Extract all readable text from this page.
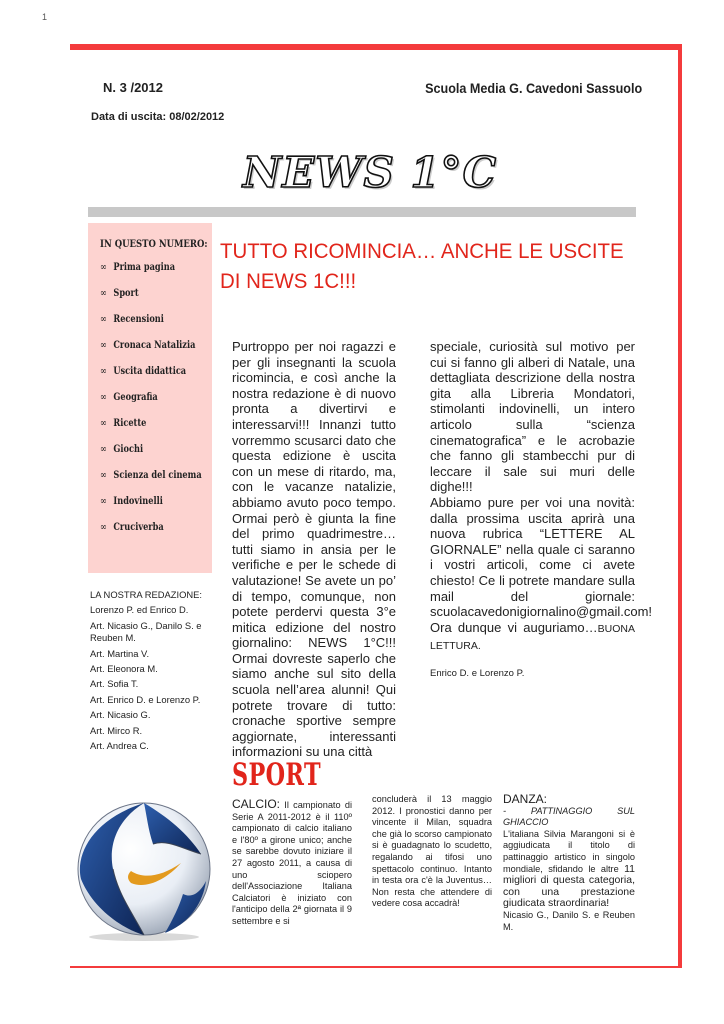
1
N. 3 /2012	Scuola Media G. Cavedoni Sassuolo
Data di uscita: 08/02/2012
NEWS 1°C
IN QUESTO NUMERO:
∞ Prima pagina
∞ Sport
∞ Recensioni
∞ Cronaca Natalizia
∞ Uscita didattica
∞ Geografia
∞ Ricette
∞ Giochi
∞ Scienza del cinema
∞ Indovinelli
∞ Cruciverba
LA NOSTRA REDAZIONE:
Lorenzo P. ed Enrico D.
Art. Nicasio G., Danilo S. e Reuben M.
Art. Martina V.
Art. Eleonora M.
Art. Sofia T.
Art. Enrico D. e Lorenzo P.
Art. Nicasio G.
Art. Mirco R.
Art. Andrea C.
TUTTO RICOMINCIA… ANCHE LE USCITE DI NEWS 1C!!!
Purtroppo per noi ragazzi e per gli insegnanti la scuola ricomincia, e così anche la nostra redazione è di nuovo pronta a divertirvi e interessarvi!!! Innanzi tutto vorremmo scusarci dato che questa edizione è uscita con un mese di ritardo, ma, con le vacanze natalizie, abbiamo avuto poco tempo. Ormai però è giunta la fine del primo quadrimestre… tutti siamo in ansia per le verifiche e per le schede di valutazione! Se avete un po’ di tempo, comunque, non potete perdervi questa 3°e mitica edizione del nostro giornalino: NEWS 1°C!!! Ormai dovreste saperlo che siamo anche sul sito della scuola nell’area alunni! Qui potrete trovare di tutto: cronache sportive sempre aggiornate, interessanti informazioni su una città
speciale, curiosità sul motivo per cui si fanno gli alberi di Natale, una dettagliata descrizione della nostra gita alla Libreria Mondatori, stimolanti indovinelli, un intero articolo sulla “scienza cinematografica” e le acrobazie che fanno gli stambecchi pur di leccare il sale sui muri delle dighe!!!
Abbiamo pure per voi una novità: dalla prossima uscita aprirà una nuova rubrica “LETTERE AL GIORNALE” nella quale ci saranno i vostri articoli, come ci avete chiesto! Ce li potrete mandare sulla mail del giornale: scuolacavedonigiornalino@gmail.com!
Ora dunque vi auguriamo…BUONA LETTURA.
Enrico D. e Lorenzo P.
SPORT
CALCIO: Il campionato di Serie A 2011-2012 è il 110º campionato di calcio italiano e l'80º a girone unico; anche se sarebbe dovuto iniziare il 27 agosto 2011, a causa di uno sciopero dell'Associazione Italiana Calciatori è iniziato con l'anticipo della 2ª giornata il 9 settembre e si
concluderà il 13 maggio 2012. I pronostici danno per vincente il Milan, squadra che già lo scorso campionato si è guadagnato lo scudetto, regalando ai tifosi uno spettacolo continuo. Intanto in testa ora c'è la Juventus… Non resta che attendere di vedere cosa accadrà!
DANZA:
- PATTINAGGIO SUL GHIACCIO
L'italiana Silvia Marangoni si è aggiudicata il titolo di pattinaggio artistico in singolo mondiale, sfidando le altre 11 migliori di questa categoria, con una prestazione giudicata straordinaria!
Nicasio G., Danilo S. e Reuben M.
